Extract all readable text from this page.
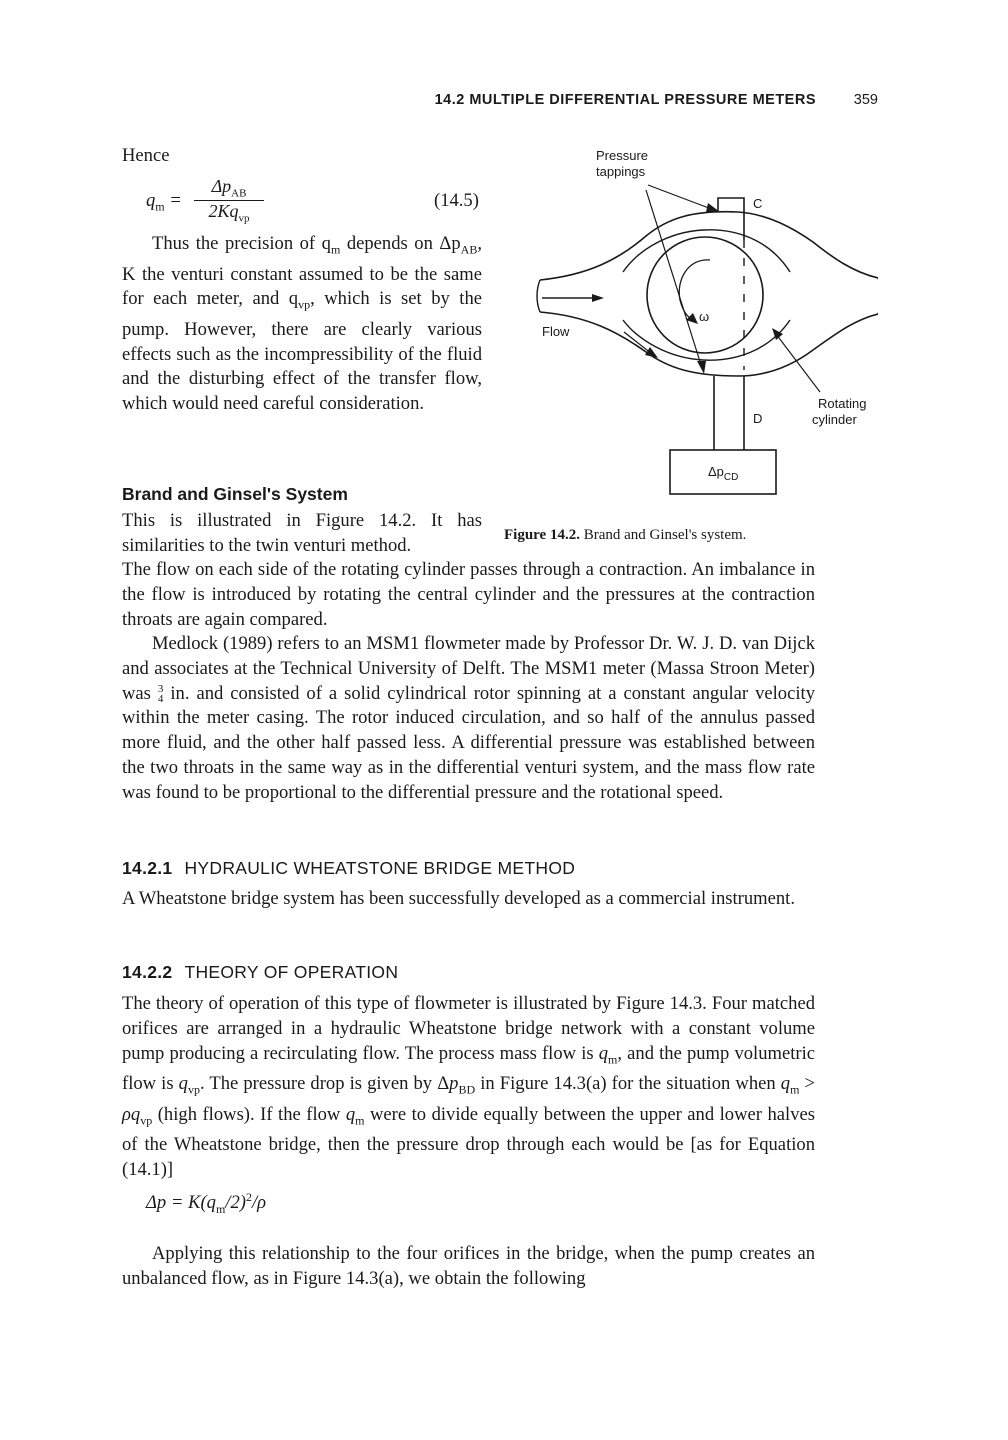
14.2 MULTIPLE DIFFERENTIAL PRESSURE METERS	359
Hence
$q_m$ =
$\Delta p_{AB}$
$2Kq_{vp}$
(14.5)
Thus the precision of $q_m$ depends on $\Delta p_{AB}$, K the venturi constant assumed to be the same for each meter, and $q_{vp}$, which is set by the pump. However, there are clearly various effects such as the incompressibility of the fluid and the disturbing effect of the transfer flow, which would need careful consideration.
Pressure
tappings
C
D
Flow
ω
Rotating
cylinder
$\Delta p_{CD}$
Figure 14.2. Brand and Ginsel's system.
Brand and Ginsel's System
This is illustrated in Figure 14.2. It has similarities to the twin venturi method.
The flow on each side of the rotating cylinder passes through a contraction. An imbalance in the flow is introduced by rotating the central cylinder and the pressures at the contraction throats are again compared.
Medlock (1989) refers to an MSM1 flowmeter made by Professor Dr. W. J. D. van Dijck and associates at the Technical University of Delft. The MSM1 meter (Massa Stroon Meter) was 3
4 in. and consisted of a solid cylindrical rotor spinning at a constant angular velocity within the meter casing. The rotor induced circulation, and so half of the annulus passed more fluid, and the other half passed less. A differential pressure was established between the two throats in the same way as in the differential venturi system, and the mass flow rate was found to be proportional to the differential pressure and the rotational speed.
14.2.1 HYDRAULIC WHEATSTONE BRIDGE METHOD
A Wheatstone bridge system has been successfully developed as a commercial instrument.
14.2.2 THEORY OF OPERATION
The theory of operation of this type of flowmeter is illustrated by Figure 14.3. Four matched orifices are arranged in a hydraulic Wheatstone bridge network with a constant volume pump producing a recirculating flow. The process mass flow is $q_m$, and the pump volumetric flow is $q_{vp}$. The pressure drop is given by $\Delta p_{BD}$ in Figure 14.3(a) for the situation when $q_m > \rho q_{vp}$ (high flows). If the flow $q_m$ were to divide equally between the upper and lower halves of the Wheatstone bridge, then the pressure drop through each would be [as for Equation (14.1)]
$\Delta p = K(q_m/2)^2/\rho$
Applying this relationship to the four orifices in the bridge, when the pump creates an unbalanced flow, as in Figure 14.3(a), we obtain the following
